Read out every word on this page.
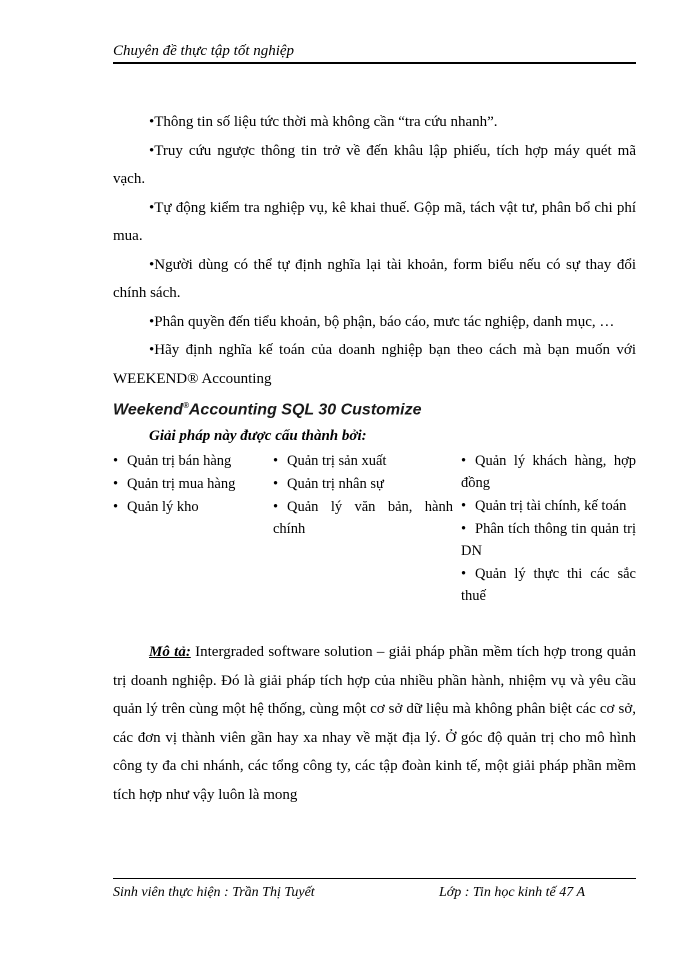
Chuyên đề thực tập tốt nghiệp

•Thông tin số liệu tức thời mà không cần “tra cứu nhanh”.

•Truy cứu ngược thông tin trở về đến khâu lập phiếu, tích hợp máy quét mã vạch.

•Tự động kiểm tra nghiệp vụ, kê khai thuế. Gộp mã, tách vật tư, phân bổ chi phí mua.

•Người dùng có thể tự định nghĩa lại tài khoản, form biểu nếu có sự thay đổi chính sách.

•Phân quyền đến tiểu khoản, bộ phận, báo cáo, mưc tác nghiệp, danh mục, …

•Hãy định nghĩa kế toán của doanh nghiệp bạn theo cách mà bạn muốn với WEEKEND® Accounting

Weekend®Accounting SQL 30 Customize
Giải pháp này được cấu thành bởi:
• Quản trị bán hàng
• Quản trị mua hàng
• Quản lý kho
• Quản trị sản xuất
• Quản trị nhân sự
• Quản lý văn bản, hành chính
• Quản lý khách hàng, hợp đồng
• Quản trị tài chính, kế toán
• Phân tích thông tin quản trị DN
• Quản lý thực thi các sắc thuế

Mô tả: Intergraded software solution – giải pháp phần mềm tích hợp trong quản trị doanh nghiệp. Đó là giải pháp tích hợp của nhiều phần hành, nhiệm vụ và yêu cầu quản lý trên cùng một hệ thống, cùng một cơ sở dữ liệu mà không phân biệt các cơ sở, các đơn vị thành viên gần hay xa nhay về mặt địa lý. Ở góc độ quản trị cho mô hình công ty đa chi nhánh, các tổng công ty, các tập đoàn kinh tế, một giải pháp phần mềm tích hợp như vậy luôn là mong

Sinh viên thực hiện : Trần Thị Tuyết	Lớp : Tin học kinh tế 47 A
